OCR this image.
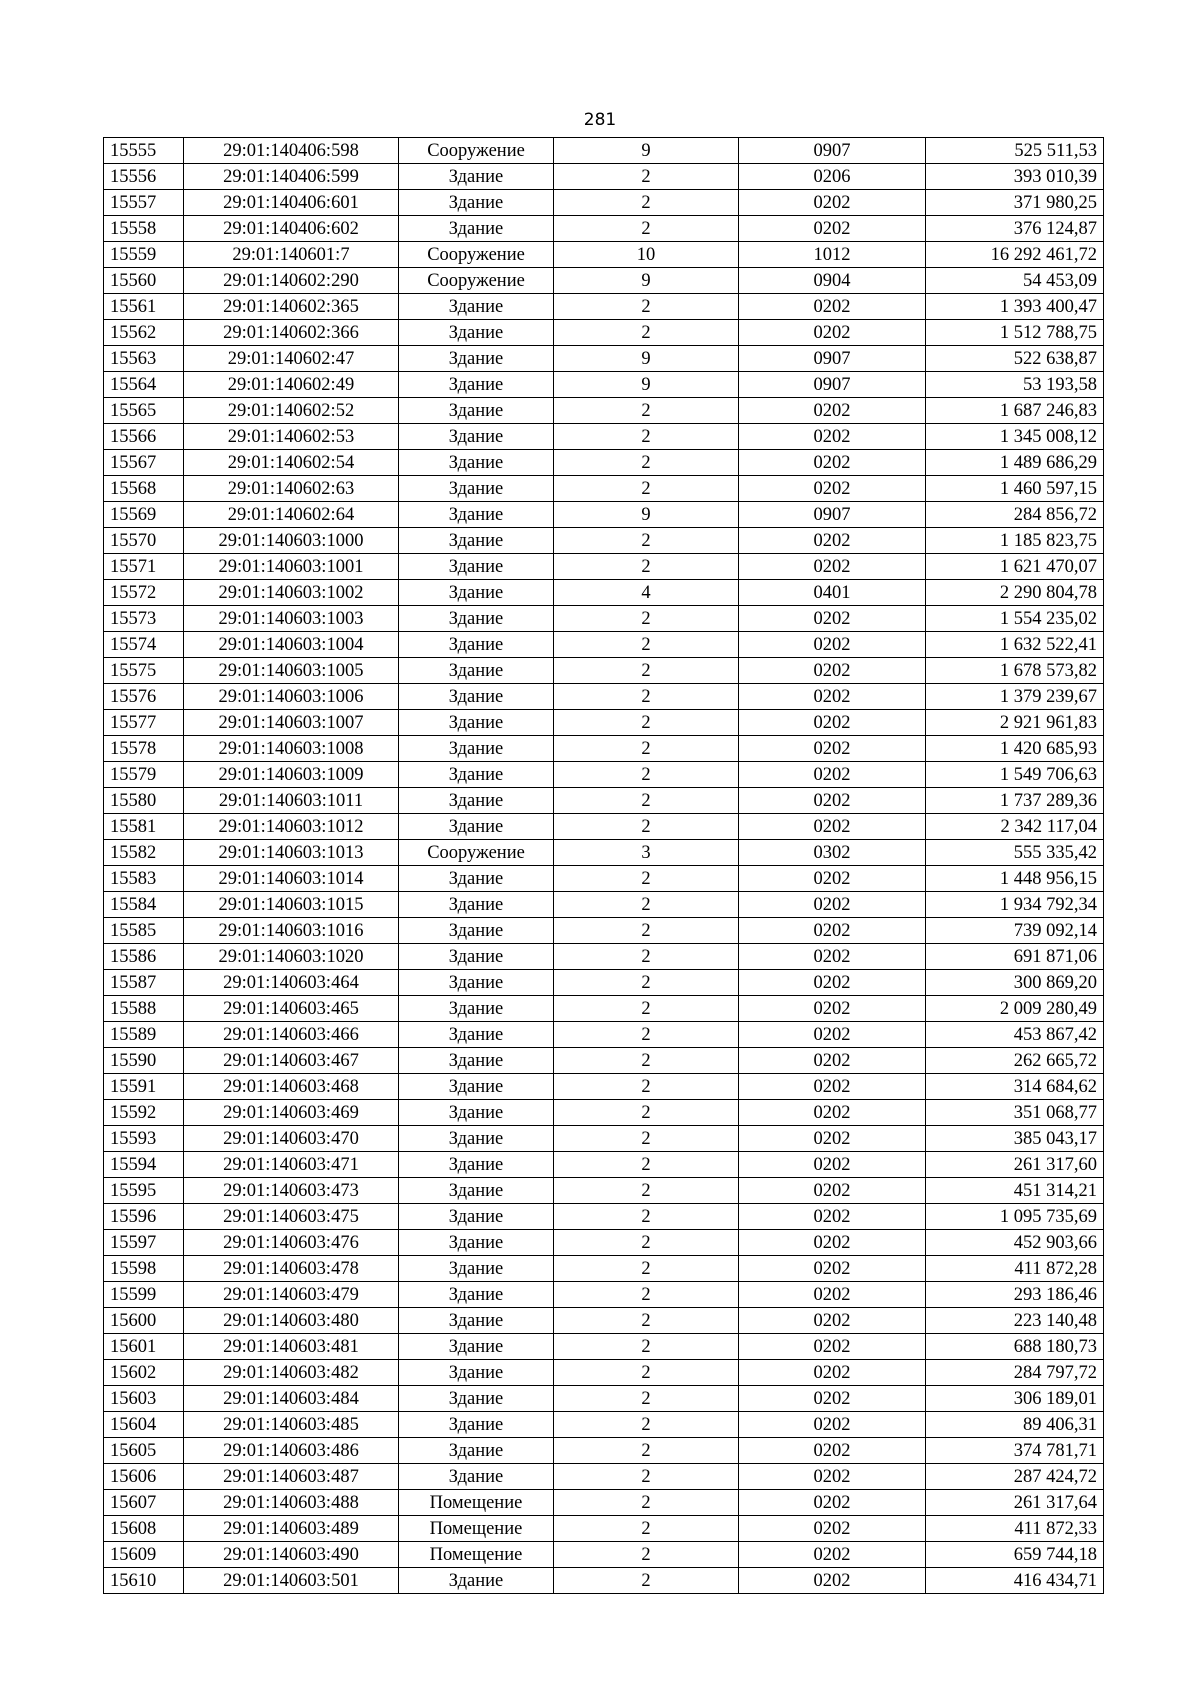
281
15555	29:01:140406:598	Сооружение	9	0907	525 511,53
15556	29:01:140406:599	Здание	2	0206	393 010,39
15557	29:01:140406:601	Здание	2	0202	371 980,25
15558	29:01:140406:602	Здание	2	0202	376 124,87
15559	29:01:140601:7	Сооружение	10	1012	16 292 461,72
15560	29:01:140602:290	Сооружение	9	0904	54 453,09
15561	29:01:140602:365	Здание	2	0202	1 393 400,47
15562	29:01:140602:366	Здание	2	0202	1 512 788,75
15563	29:01:140602:47	Здание	9	0907	522 638,87
15564	29:01:140602:49	Здание	9	0907	53 193,58
15565	29:01:140602:52	Здание	2	0202	1 687 246,83
15566	29:01:140602:53	Здание	2	0202	1 345 008,12
15567	29:01:140602:54	Здание	2	0202	1 489 686,29
15568	29:01:140602:63	Здание	2	0202	1 460 597,15
15569	29:01:140602:64	Здание	9	0907	284 856,72
15570	29:01:140603:1000	Здание	2	0202	1 185 823,75
15571	29:01:140603:1001	Здание	2	0202	1 621 470,07
15572	29:01:140603:1002	Здание	4	0401	2 290 804,78
15573	29:01:140603:1003	Здание	2	0202	1 554 235,02
15574	29:01:140603:1004	Здание	2	0202	1 632 522,41
15575	29:01:140603:1005	Здание	2	0202	1 678 573,82
15576	29:01:140603:1006	Здание	2	0202	1 379 239,67
15577	29:01:140603:1007	Здание	2	0202	2 921 961,83
15578	29:01:140603:1008	Здание	2	0202	1 420 685,93
15579	29:01:140603:1009	Здание	2	0202	1 549 706,63
15580	29:01:140603:1011	Здание	2	0202	1 737 289,36
15581	29:01:140603:1012	Здание	2	0202	2 342 117,04
15582	29:01:140603:1013	Сооружение	3	0302	555 335,42
15583	29:01:140603:1014	Здание	2	0202	1 448 956,15
15584	29:01:140603:1015	Здание	2	0202	1 934 792,34
15585	29:01:140603:1016	Здание	2	0202	739 092,14
15586	29:01:140603:1020	Здание	2	0202	691 871,06
15587	29:01:140603:464	Здание	2	0202	300 869,20
15588	29:01:140603:465	Здание	2	0202	2 009 280,49
15589	29:01:140603:466	Здание	2	0202	453 867,42
15590	29:01:140603:467	Здание	2	0202	262 665,72
15591	29:01:140603:468	Здание	2	0202	314 684,62
15592	29:01:140603:469	Здание	2	0202	351 068,77
15593	29:01:140603:470	Здание	2	0202	385 043,17
15594	29:01:140603:471	Здание	2	0202	261 317,60
15595	29:01:140603:473	Здание	2	0202	451 314,21
15596	29:01:140603:475	Здание	2	0202	1 095 735,69
15597	29:01:140603:476	Здание	2	0202	452 903,66
15598	29:01:140603:478	Здание	2	0202	411 872,28
15599	29:01:140603:479	Здание	2	0202	293 186,46
15600	29:01:140603:480	Здание	2	0202	223 140,48
15601	29:01:140603:481	Здание	2	0202	688 180,73
15602	29:01:140603:482	Здание	2	0202	284 797,72
15603	29:01:140603:484	Здание	2	0202	306 189,01
15604	29:01:140603:485	Здание	2	0202	89 406,31
15605	29:01:140603:486	Здание	2	0202	374 781,71
15606	29:01:140603:487	Здание	2	0202	287 424,72
15607	29:01:140603:488	Помещение	2	0202	261 317,64
15608	29:01:140603:489	Помещение	2	0202	411 872,33
15609	29:01:140603:490	Помещение	2	0202	659 744,18
15610	29:01:140603:501	Здание	2	0202	416 434,71
